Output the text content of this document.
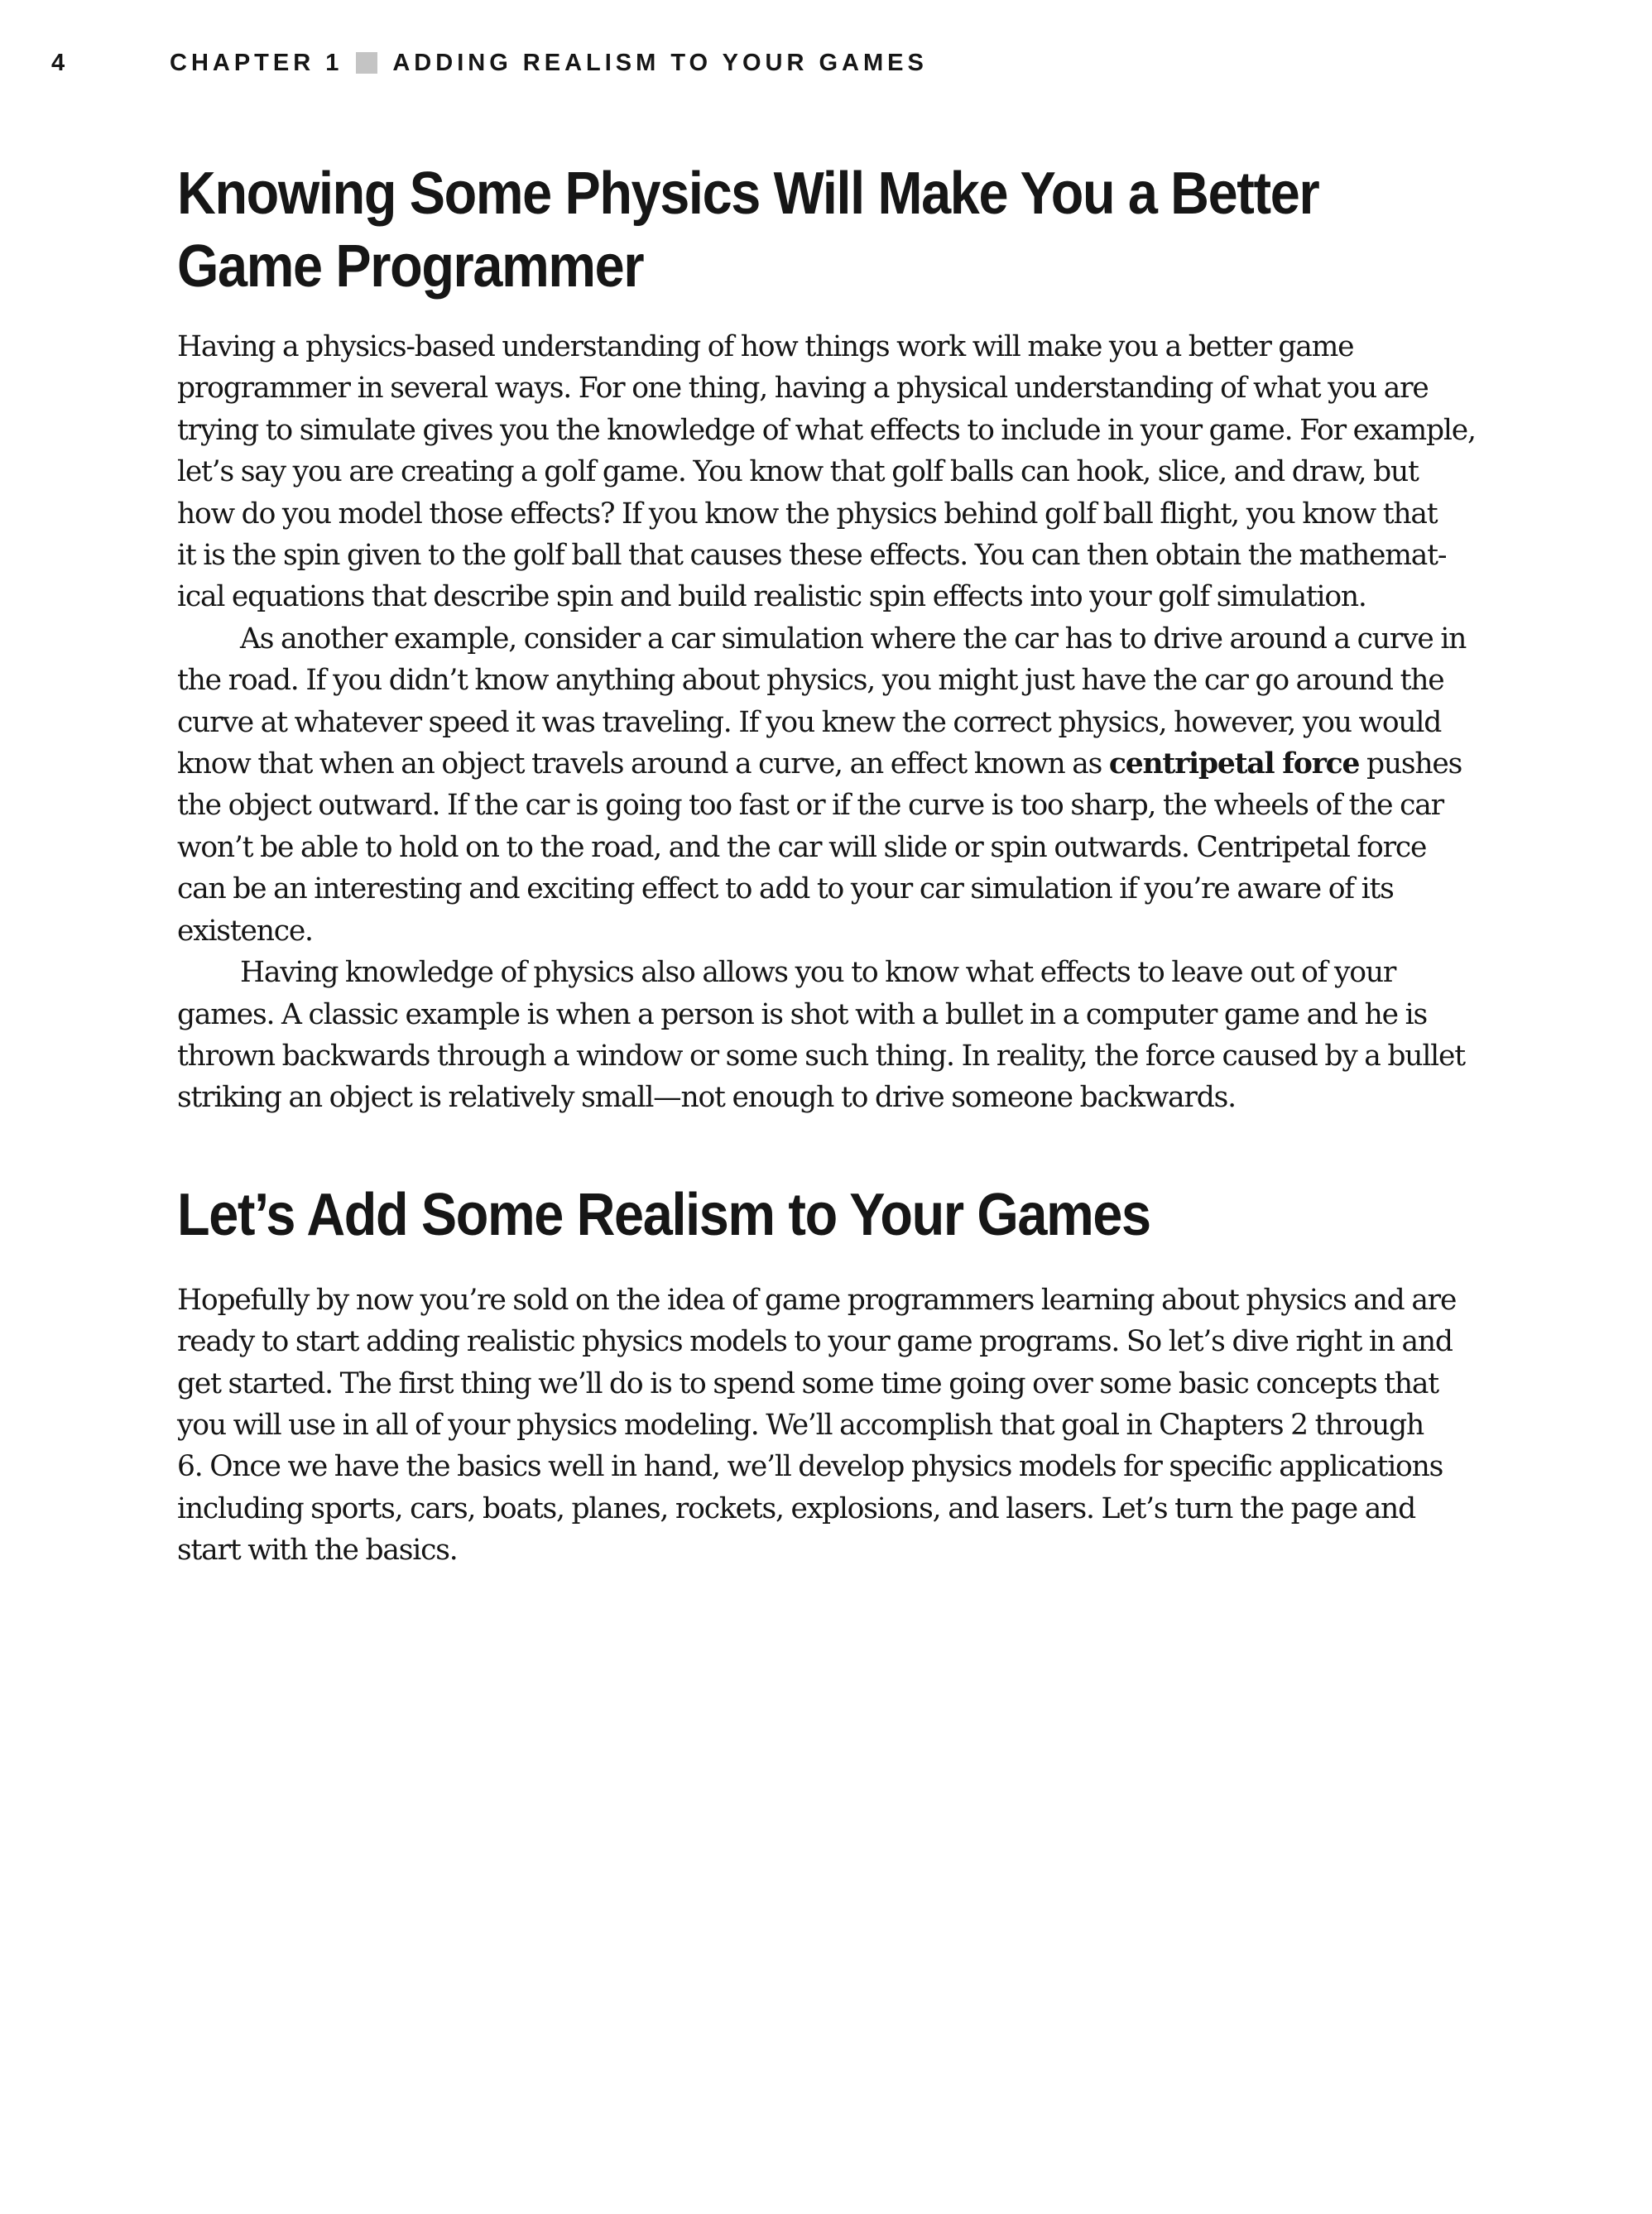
4	CHAPTER 1 ADDING REALISM TO YOUR GAMES
Knowing Some Physics Will Make You a Better
Game Programmer

Having a physics-based understanding of how things work will make you a better game
programmer in several ways. For one thing, having a physical understanding of what you are
trying to simulate gives you the knowledge of what effects to include in your game. For example,
let’s say you are creating a golf game. You know that golf balls can hook, slice, and draw, but
how do you model those effects? If you know the physics behind golf ball flight, you know that
it is the spin given to the golf ball that causes these effects. You can then obtain the mathemat-
ical equations that describe spin and build realistic spin effects into your golf simulation.

As another example, consider a car simulation where the car has to drive around a curve in
the road. If you didn’t know anything about physics, you might just have the car go around the
curve at whatever speed it was traveling. If you knew the correct physics, however, you would
know that when an object travels around a curve, an effect known as centripetal force pushes
the object outward. If the car is going too fast or if the curve is too sharp, the wheels of the car
won’t be able to hold on to the road, and the car will slide or spin outwards. Centripetal force
can be an interesting and exciting effect to add to your car simulation if you’re aware of its
existence.

Having knowledge of physics also allows you to know what effects to leave out of your
games. A classic example is when a person is shot with a bullet in a computer game and he is
thrown backwards through a window or some such thing. In reality, the force caused by a bullet
striking an object is relatively small—not enough to drive someone backwards.

Let’s Add Some Realism to Your Games

Hopefully by now you’re sold on the idea of game programmers learning about physics and are
ready to start adding realistic physics models to your game programs. So let’s dive right in and
get started. The first thing we’ll do is to spend some time going over some basic concepts that
you will use in all of your physics modeling. We’ll accomplish that goal in Chapters 2 through
6. Once we have the basics well in hand, we’ll develop physics models for specific applications
including sports, cars, boats, planes, rockets, explosions, and lasers. Let’s turn the page and
start with the basics.
